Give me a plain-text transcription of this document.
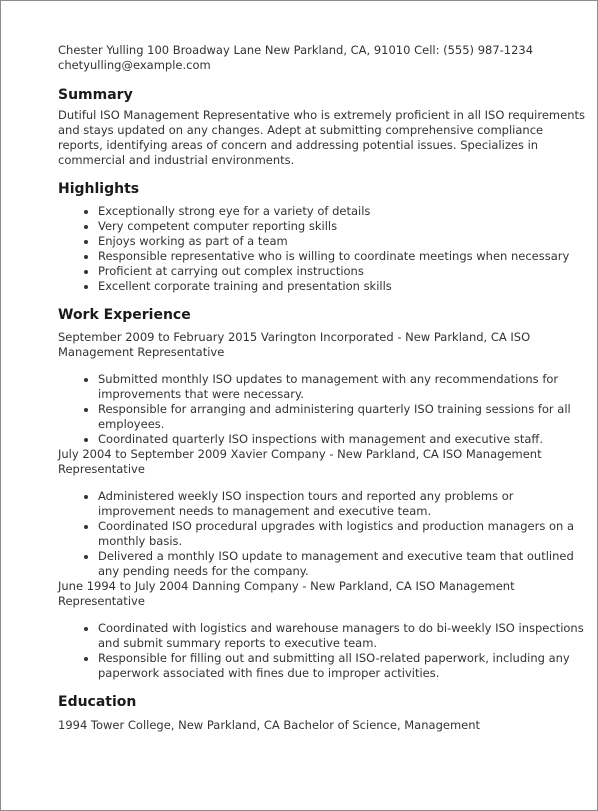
Chester Yulling 100 Broadway Lane New Parkland, CA, 91010 Cell: (555) 987-1234
chetyulling@example.com
Summary

Dutiful ISO Management Representative who is extremely proficient in all ISO requirements and stays updated on any changes. Adept at submitting comprehensive compliance reports, identifying areas of concern and addressing potential issues. Specializes in commercial and industrial environments.

Highlights
• Exceptionally strong eye for a variety of details
• Very competent computer reporting skills
• Enjoys working as part of a team
• Responsible representative who is willing to coordinate meetings when necessary
• Proficient at carrying out complex instructions
• Excellent corporate training and presentation skills
Work Experience

September 2009 to February 2015 Varington Incorporated - New Parkland, CA ISO Management Representative

• Submitted monthly ISO updates to management with any recommendations for improvements that were necessary.
• Responsible for arranging and administering quarterly ISO training sessions for all employees.
• Coordinated quarterly ISO inspections with management and executive staff.

July 2004 to September 2009 Xavier Company - New Parkland, CA ISO Management Representative

• Administered weekly ISO inspection tours and reported any problems or improvement needs to management and executive team.
• Coordinated ISO procedural upgrades with logistics and production managers on a monthly basis.
• Delivered a monthly ISO update to management and executive team that outlined any pending needs for the company.

June 1994 to July 2004 Danning Company - New Parkland, CA ISO Management Representative

• Coordinated with logistics and warehouse managers to do bi-weekly ISO inspections and submit summary reports to executive team.
• Responsible for filling out and submitting all ISO-related paperwork, including any paperwork associated with fines due to improper activities.
Education

1994 Tower College, New Parkland, CA Bachelor of Science, Management
